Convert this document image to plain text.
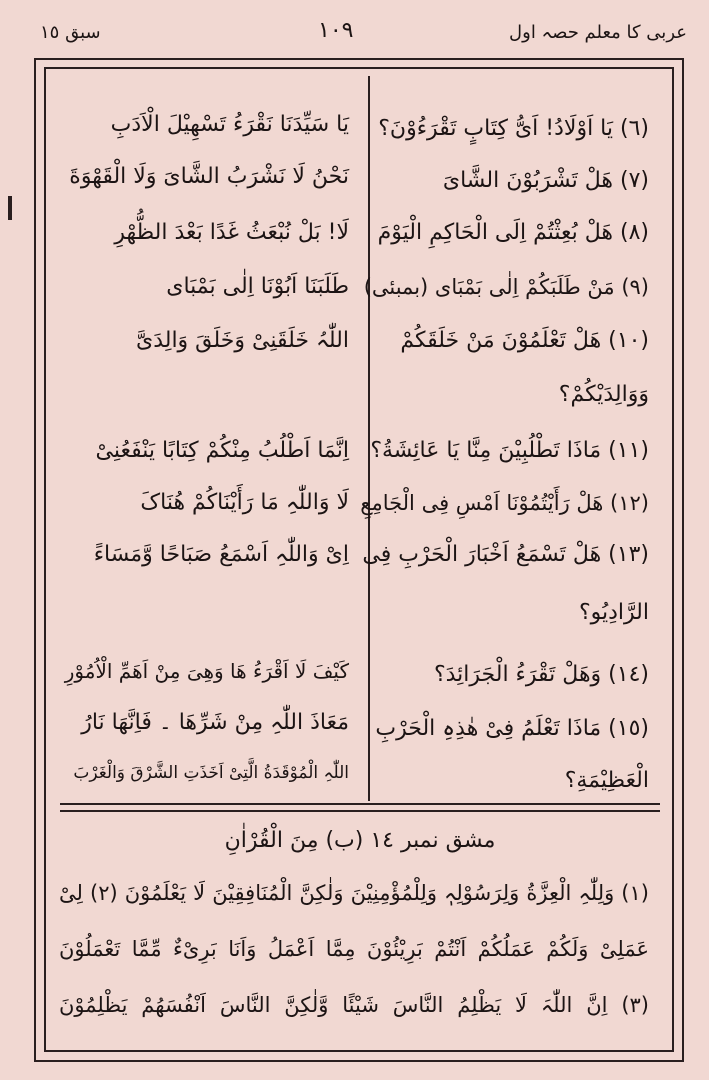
عربی کا معلم حصہ اول
١٠٩
سبق ١٥
(٦) یَا اَوْلَادُ! اَیُّ کِتَابٍ تَقْرَءُوْنَ؟
(٧) ھَلْ تَشْرَبُوْنَ الشَّایَ
(٨) ھَلْ بُعِثْتُمْ اِلَی الْحَاکِمِ الْیَوْمَ
(٩) مَنْ طَلَبَکُمْ اِلٰی بَمْبَای (بمبئی)
(١٠) ھَلْ تَعْلَمُوْنَ مَنْ خَلَقَکُمْ
وَوَالِدَیْکُمْ؟
(١١) مَاذَا تَطْلُبِیْنَ مِنَّا یَا عَائِشَةُ؟
(١٢) ھَلْ رَأَیْتُمُوْنَا اَمْسِ فِی الْجَامِعِ
(١٣) ھَلْ تَسْمَعُ اَخْبَارَ الْحَرْبِ فِی
الرَّادِیُو؟
(١٤) وَھَلْ تَقْرَءُ الْجَرَائِدَ؟
(١٥) مَاذَا تَعْلَمُ فِیْ ھٰذِہِ الْحَرْبِ
الْعَظِیْمَةِ؟
یَا سَیِّدَنَا نَقْرَءُ تَسْھِیْلَ الْاَدَبِ
نَحْنُ لَا نَشْرَبُ الشَّایَ وَلَا الْقَھْوَةَ
لَا! بَلْ نُبْعَثُ غَدًا بَعْدَ الظُّھْرِ
طَلَبَنَا اَبُوْنَا اِلٰی بَمْبَای
اللّٰہُ خَلَقَنِیْ وَخَلَقَ وَالِدَیَّ
اِنَّمَا اَطْلُبُ مِنْکُمْ کِتَابًا یَنْفَعُنِیْ
لَا وَاللّٰہِ مَا رَأَیْنَاکُمْ ھُنَاکَ
اِیْ وَاللّٰہِ اَسْمَعُ صَبَاحًا وَّمَسَاءً
کَیْفَ لَا اَقْرَءُ ھَا وَھِیَ مِنْ اَھَمِّ الْاُمُوْرِ
مَعَاذَ اللّٰہِ مِنْ شَرِّھَا ۔ فَاِنَّھَا نَارُ
اللّٰہِ الْمُوْقَدَةُ الَّتِیْ اَخَذَتِ الشَّرْقَ وَالْغَرْبَ
مشق نمبر ١٤ (ب) مِنَ الْقُرْاٰنِ
(١) وَلِلّٰہِ الْعِزَّةُ وَلِرَسُوْلِہٖ وَلِلْمُؤْمِنِیْنَ وَلٰکِنَّ الْمُنَافِقِیْنَ لَا یَعْلَمُوْنَ (٢) لِیْ
عَمَلِیْ وَلَکُمْ عَمَلُکُمْ اَنْتُمْ بَرِیْئُوْنَ مِمَّا اَعْمَلُ وَاَنَا بَرِیْءٌ مِّمَّا تَعْمَلُوْنَ
(٣) اِنَّ اللّٰہَ لَا یَظْلِمُ النَّاسَ شَیْئًا وَّلٰکِنَّ النَّاسَ اَنْفُسَھُمْ یَظْلِمُوْنَ
